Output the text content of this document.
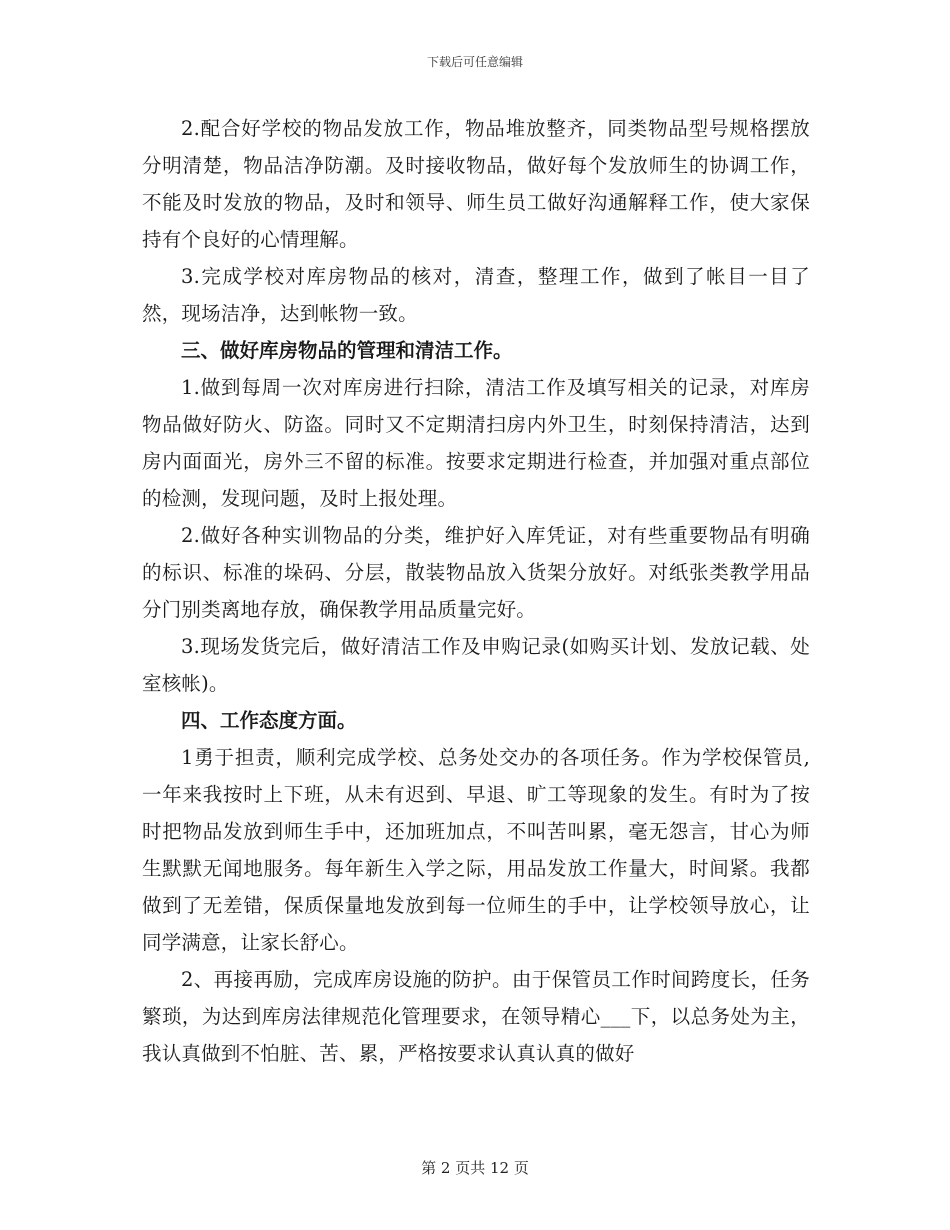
下载后可任意编辑

2.配合好学校的物品发放工作，物品堆放整齐，同类物品型号规格摆放分明清楚，物品洁净防潮。及时接收物品，做好每个发放师生的协调工作，不能及时发放的物品，及时和领导、师生员工做好沟通解释工作，使大家保持有个良好的心情理解。

3.完成学校对库房物品的核对，清查，整理工作，做到了帐目一目了然，现场洁净，达到帐物一致。

三、做好库房物品的管理和清洁工作。

1.做到每周一次对库房进行扫除，清洁工作及填写相关的记录，对库房物品做好防火、防盗。同时又不定期清扫房内外卫生，时刻保持清洁，达到房内面面光，房外三不留的标准。按要求定期进行检查，并加强对重点部位的检测，发现问题，及时上报处理。

2.做好各种实训物品的分类，维护好入库凭证，对有些重要物品有明确的标识、标准的垛码、分层，散装物品放入货架分放好。对纸张类教学用品分门别类离地存放，确保教学用品质量完好。

3.现场发货完后，做好清洁工作及申购记录(如购买计划、发放记载、处室核帐)。

四、工作态度方面。

1勇于担责，顺利完成学校、总务处交办的各项任务。作为学校保管员,一年来我按时上下班，从未有迟到、早退、旷工等现象的发生。有时为了按时把物品发放到师生手中，还加班加点，不叫苦叫累，毫无怨言，甘心为师生默默无闻地服务。每年新生入学之际，用品发放工作量大，时间紧。我都做到了无差错，保质保量地发放到每一位师生的手中，让学校领导放心，让同学满意，让家长舒心。

2、再接再励，完成库房设施的防护。由于保管员工作时间跨度长，任务繁琐，为达到库房法律规范化管理要求，在领导精心___下，以总务处为主，我认真做到不怕脏、苦、累，严格按要求认真认真的做好

第 2 页共 12 页
